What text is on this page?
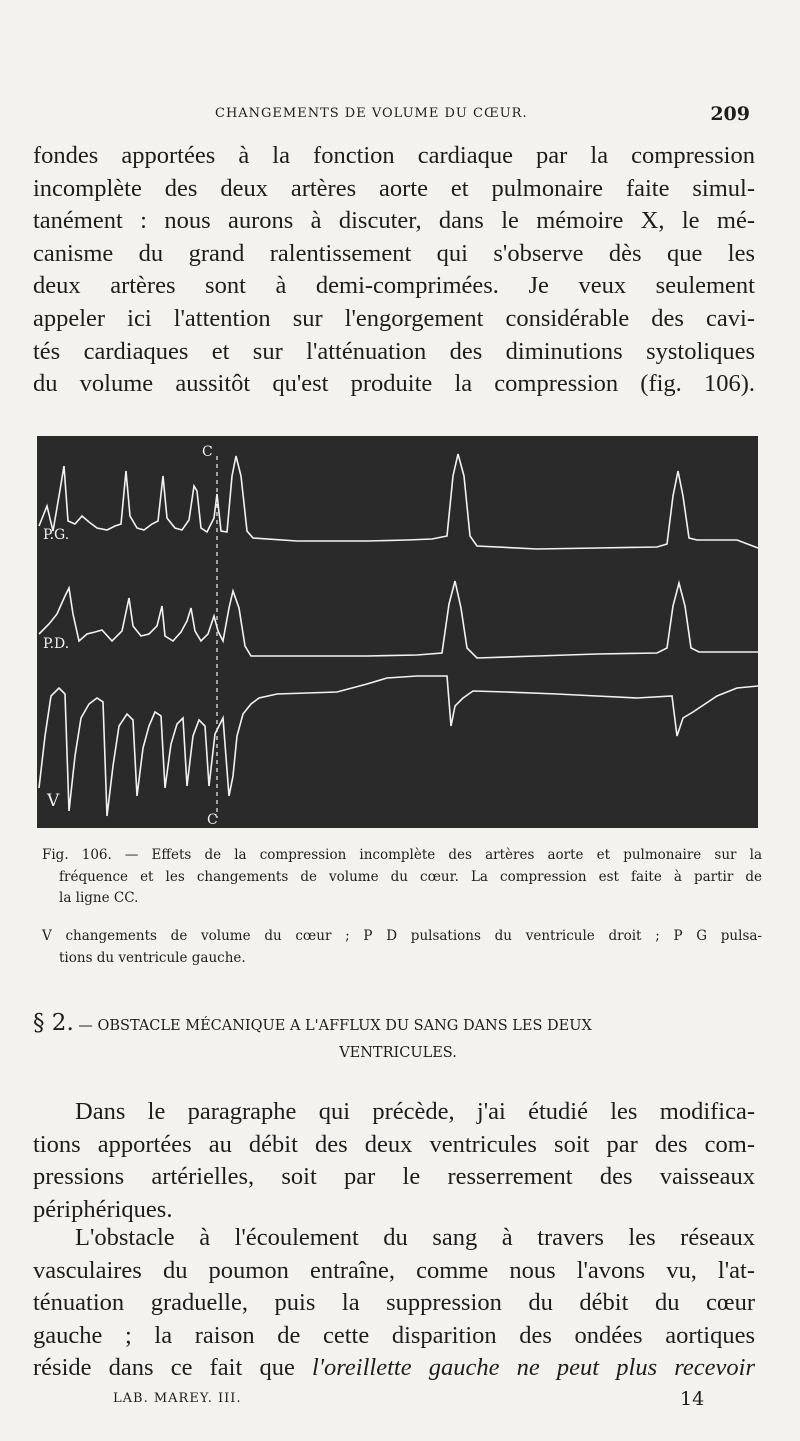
CHANGEMENTS DE VOLUME DU CŒUR.	209
fondes apportées à la fonction cardiaque par la compression
incomplète des deux artères aorte et pulmonaire faite simul-
tanément : nous aurons à discuter, dans le mémoire X, le mé-
canisme du grand ralentissement qui s'observe dès que les
deux artères sont à demi-comprimées. Je veux seulement
appeler ici l'attention sur l'engorgement considérable des cavi-
tés cardiaques et sur l'atténuation des diminutions systoliques
du volume aussitôt qu'est produite la compression (fig. 106).
C
C
P.G.
P.D.
V
Fig. 106. — Effets de la compression incomplète des artères aorte et pulmonaire sur la
fréquence et les changements de volume du cœur. La compression est faite à partir de
la ligne CC.
V changements de volume du cœur ; P D pulsations du ventricule droit ; P G pulsa-
tions du ventricule gauche.
§ 2. — OBSTACLE MÉCANIQUE A L'AFFLUX DU SANG DANS LES DEUX
VENTRICULES.
Dans le paragraphe qui précède, j'ai étudié les modifica-
tions apportées au débit des deux ventricules soit par des com-
pressions artérielles, soit par le resserrement des vaisseaux
périphériques.
L'obstacle à l'écoulement du sang à travers les réseaux
vasculaires du poumon entraîne, comme nous l'avons vu, l'at-
ténuation graduelle, puis la suppression du débit du cœur
gauche ; la raison de cette disparition des ondées aortiques
réside dans ce fait que l'oreillette gauche ne peut plus recevoir
LAB. MAREY. III.	14
